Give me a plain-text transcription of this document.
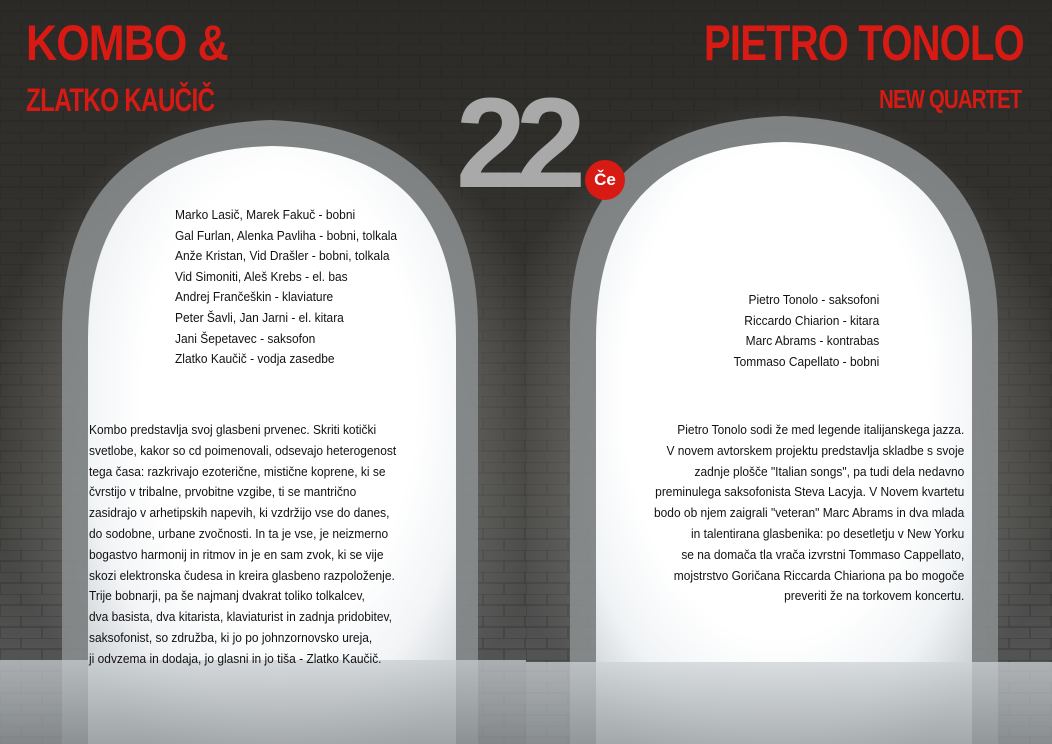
KOMBO &
ZLATKO KAUČIČ
Marko Lasič, Marek Fakuč - bobni
Gal Furlan, Alenka Pavliha - bobni, tolkala
Anže Kristan, Vid Drašler - bobni, tolkala
Vid Simoniti, Aleš Krebs - el. bas
Andrej Frančeškin - klaviature
Peter Šavli, Jan Jarni - el. kitara
Jani Šepetavec - saksofon
Zlatko Kaučič - vodja zasedbe
Kombo predstavlja svoj glasbeni prvenec. Skriti kotički
svetlobe, kakor so cd poimenovali, odsevajo heterogenost
tega časa: razkrivajo ezoterične, mistične koprene, ki se
čvrstijo v tribalne, prvobitne vzgibe, ti se mantrično
zasidrajo v arhetipskih napevih, ki vzdržijo vse do danes,
do sodobne, urbane zvočnosti. In ta je vse, je neizmerno
bogastvo harmonij in ritmov in je en sam zvok, ki se vije
skozi elektronska čudesa in kreira glasbeno razpoloženje.
Trije bobnarji, pa še najmanj dvakrat toliko tolkalcev,
dva basista, dva kitarista, klaviaturist in zadnja pridobitev,
saksofonist, so združba, ki jo po johnzornovsko ureja,
ji odvzema in dodaja, jo glasni in jo tiša - Zlatko Kaučič.
PIETRO TONOLO
NEW QUARTET
Pietro Tonolo - saksofoni
Riccardo Chiarion - kitara
Marc Abrams - kontrabas
Tommaso Capellato - bobni
Pietro Tonolo sodi že med legende italijanskega jazza.
V novem avtorskem projektu predstavlja skladbe s svoje
zadnje plošče "Italian songs", pa tudi dela nedavno
preminulega saksofonista Steva Lacyja. V Novem kvartetu
bodo ob njem zaigrali "veteran" Marc Abrams in dva mlada
in talentirana glasbenika: po desetletju v New Yorku
se na domača tla vrača izvrstni Tommaso Cappellato,
mojstrstvo Goričana Riccarda Chiariona pa bo mogoče
preveriti že na torkovem koncertu.
22	Če
